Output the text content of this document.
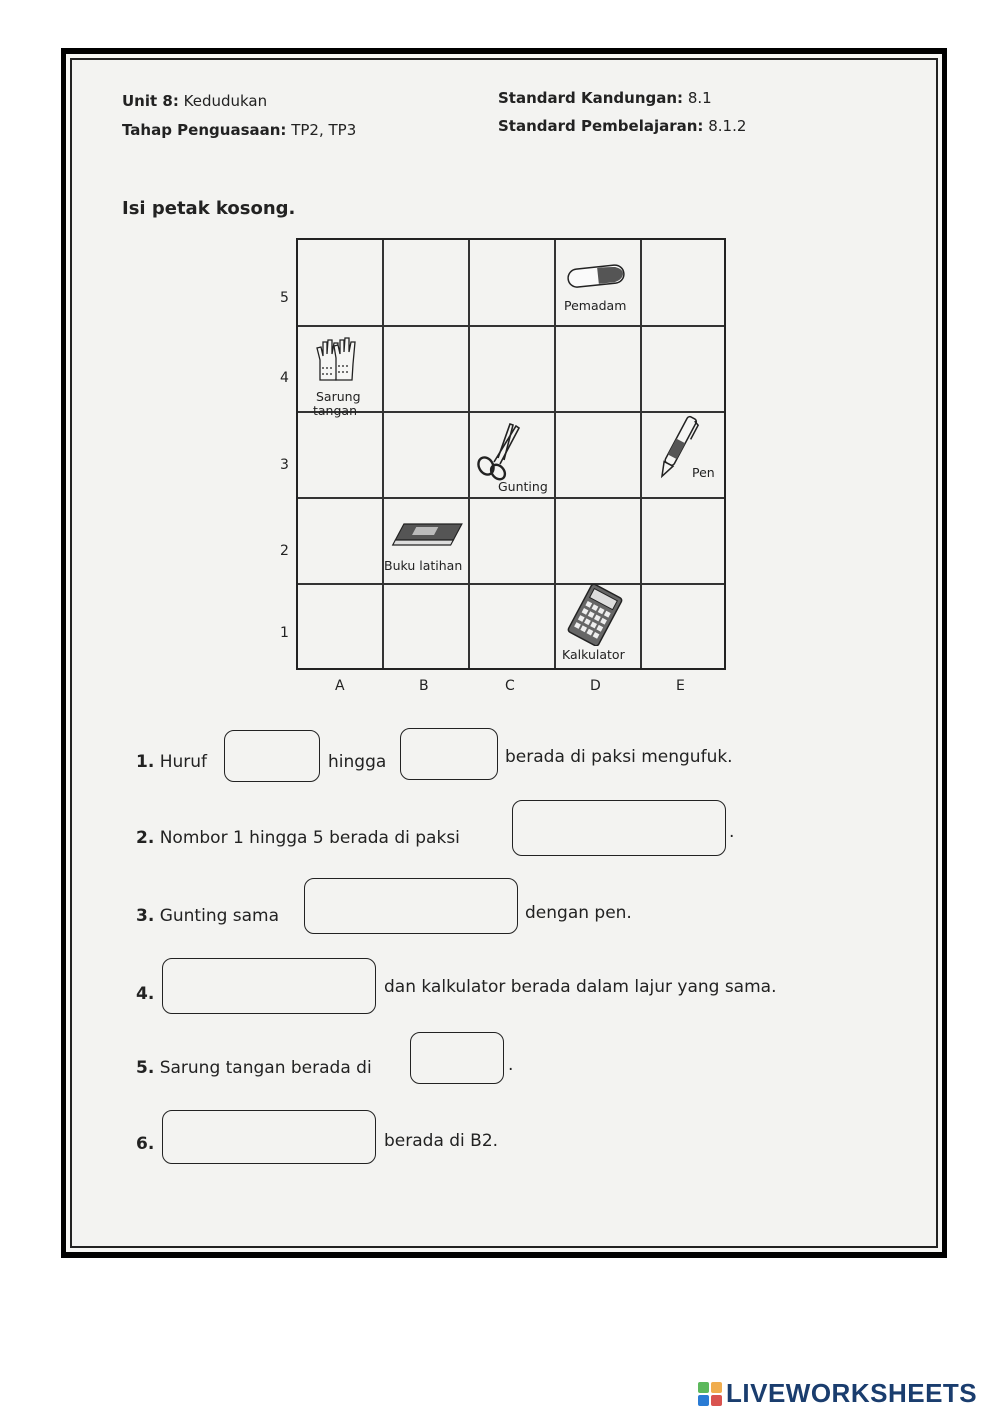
Unit 8: Kedudukan
Tahap Penguasaan: TP2, TP3
Standard Kandungan: 8.1
Standard Pembelajaran: 8.1.2
Isi petak kosong.
5
4
3
2
1
A	B	C	D	E
Pemadam
Sarung
tangan
Gunting
Pen
Buku latihan
Kalkulator
1. Huruf	hingga	berada di paksi mengufuk.
2. Nombor 1 hingga 5 berada di paksi	.
3. Gunting sama	dengan pen.
4.	dan kalkulator berada dalam lajur yang sama.
5. Sarung tangan berada di	.
6.	berada di B2.
LIVEWORKSHEETS
